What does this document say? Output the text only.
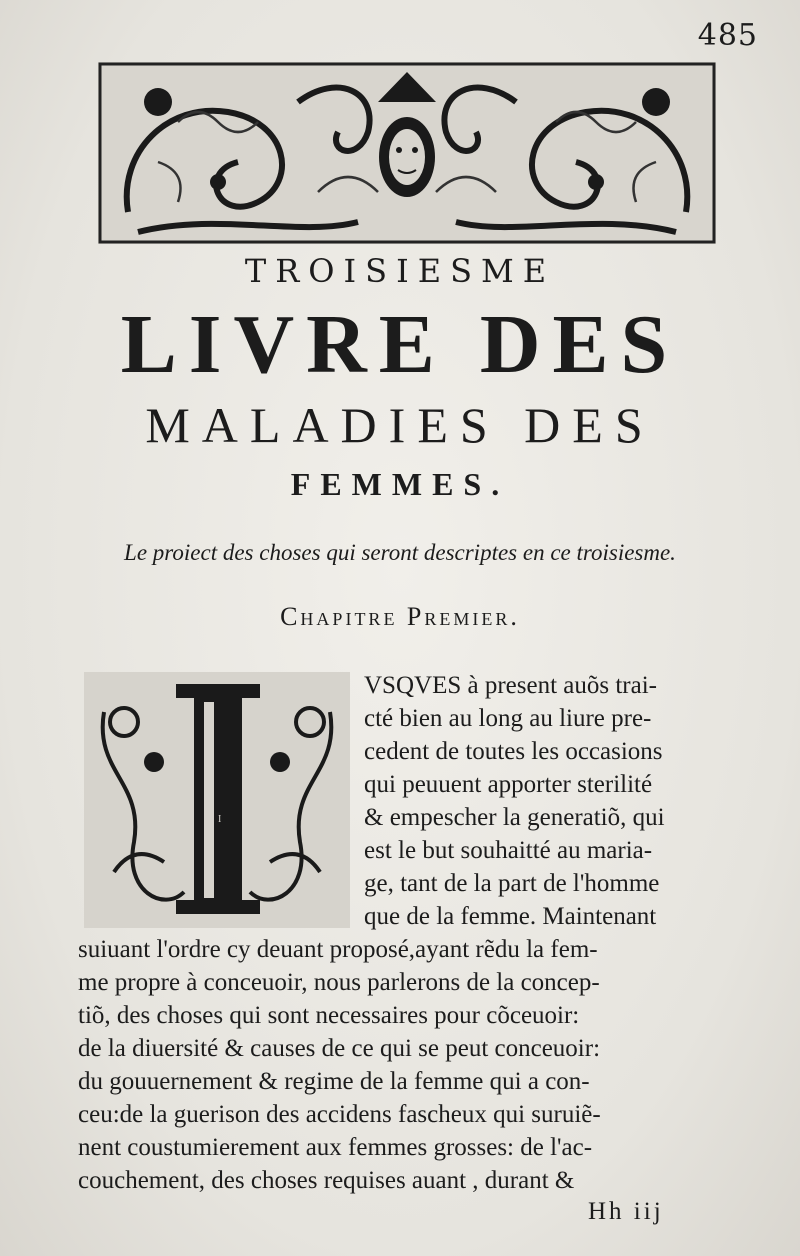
485
TROISIESME
LIVRE DES
MALADIES DES
FEMMES.
Le proiect des choses qui seront descriptes en ce troisiesme.
Chapitre Premier.
I
VSQVES à present auõs trai-
cté bien au long au liure pre-
cedent de toutes les occasions
qui peuuent apporter sterilité
& empescher la generatiõ, qui
est le but souhaitté au maria-
ge, tant de la part de l'homme
que de la femme. Maintenant
suiuant l'ordre cy deuant proposé,ayant rẽdu la fem-
me propre à conceuoir, nous parlerons de la concep-
tiõ, des choses qui sont necessaires pour cõceuoir:
de la diuersité & causes de ce qui se peut conceuoir:
du gouuernement & regime de la femme qui a con-
ceu:de la guerison des accidens fascheux qui suruiẽ-
nent coustumierement aux femmes grosses: de l'ac-
couchement, des choses requises auant , durant &
Hh iij
